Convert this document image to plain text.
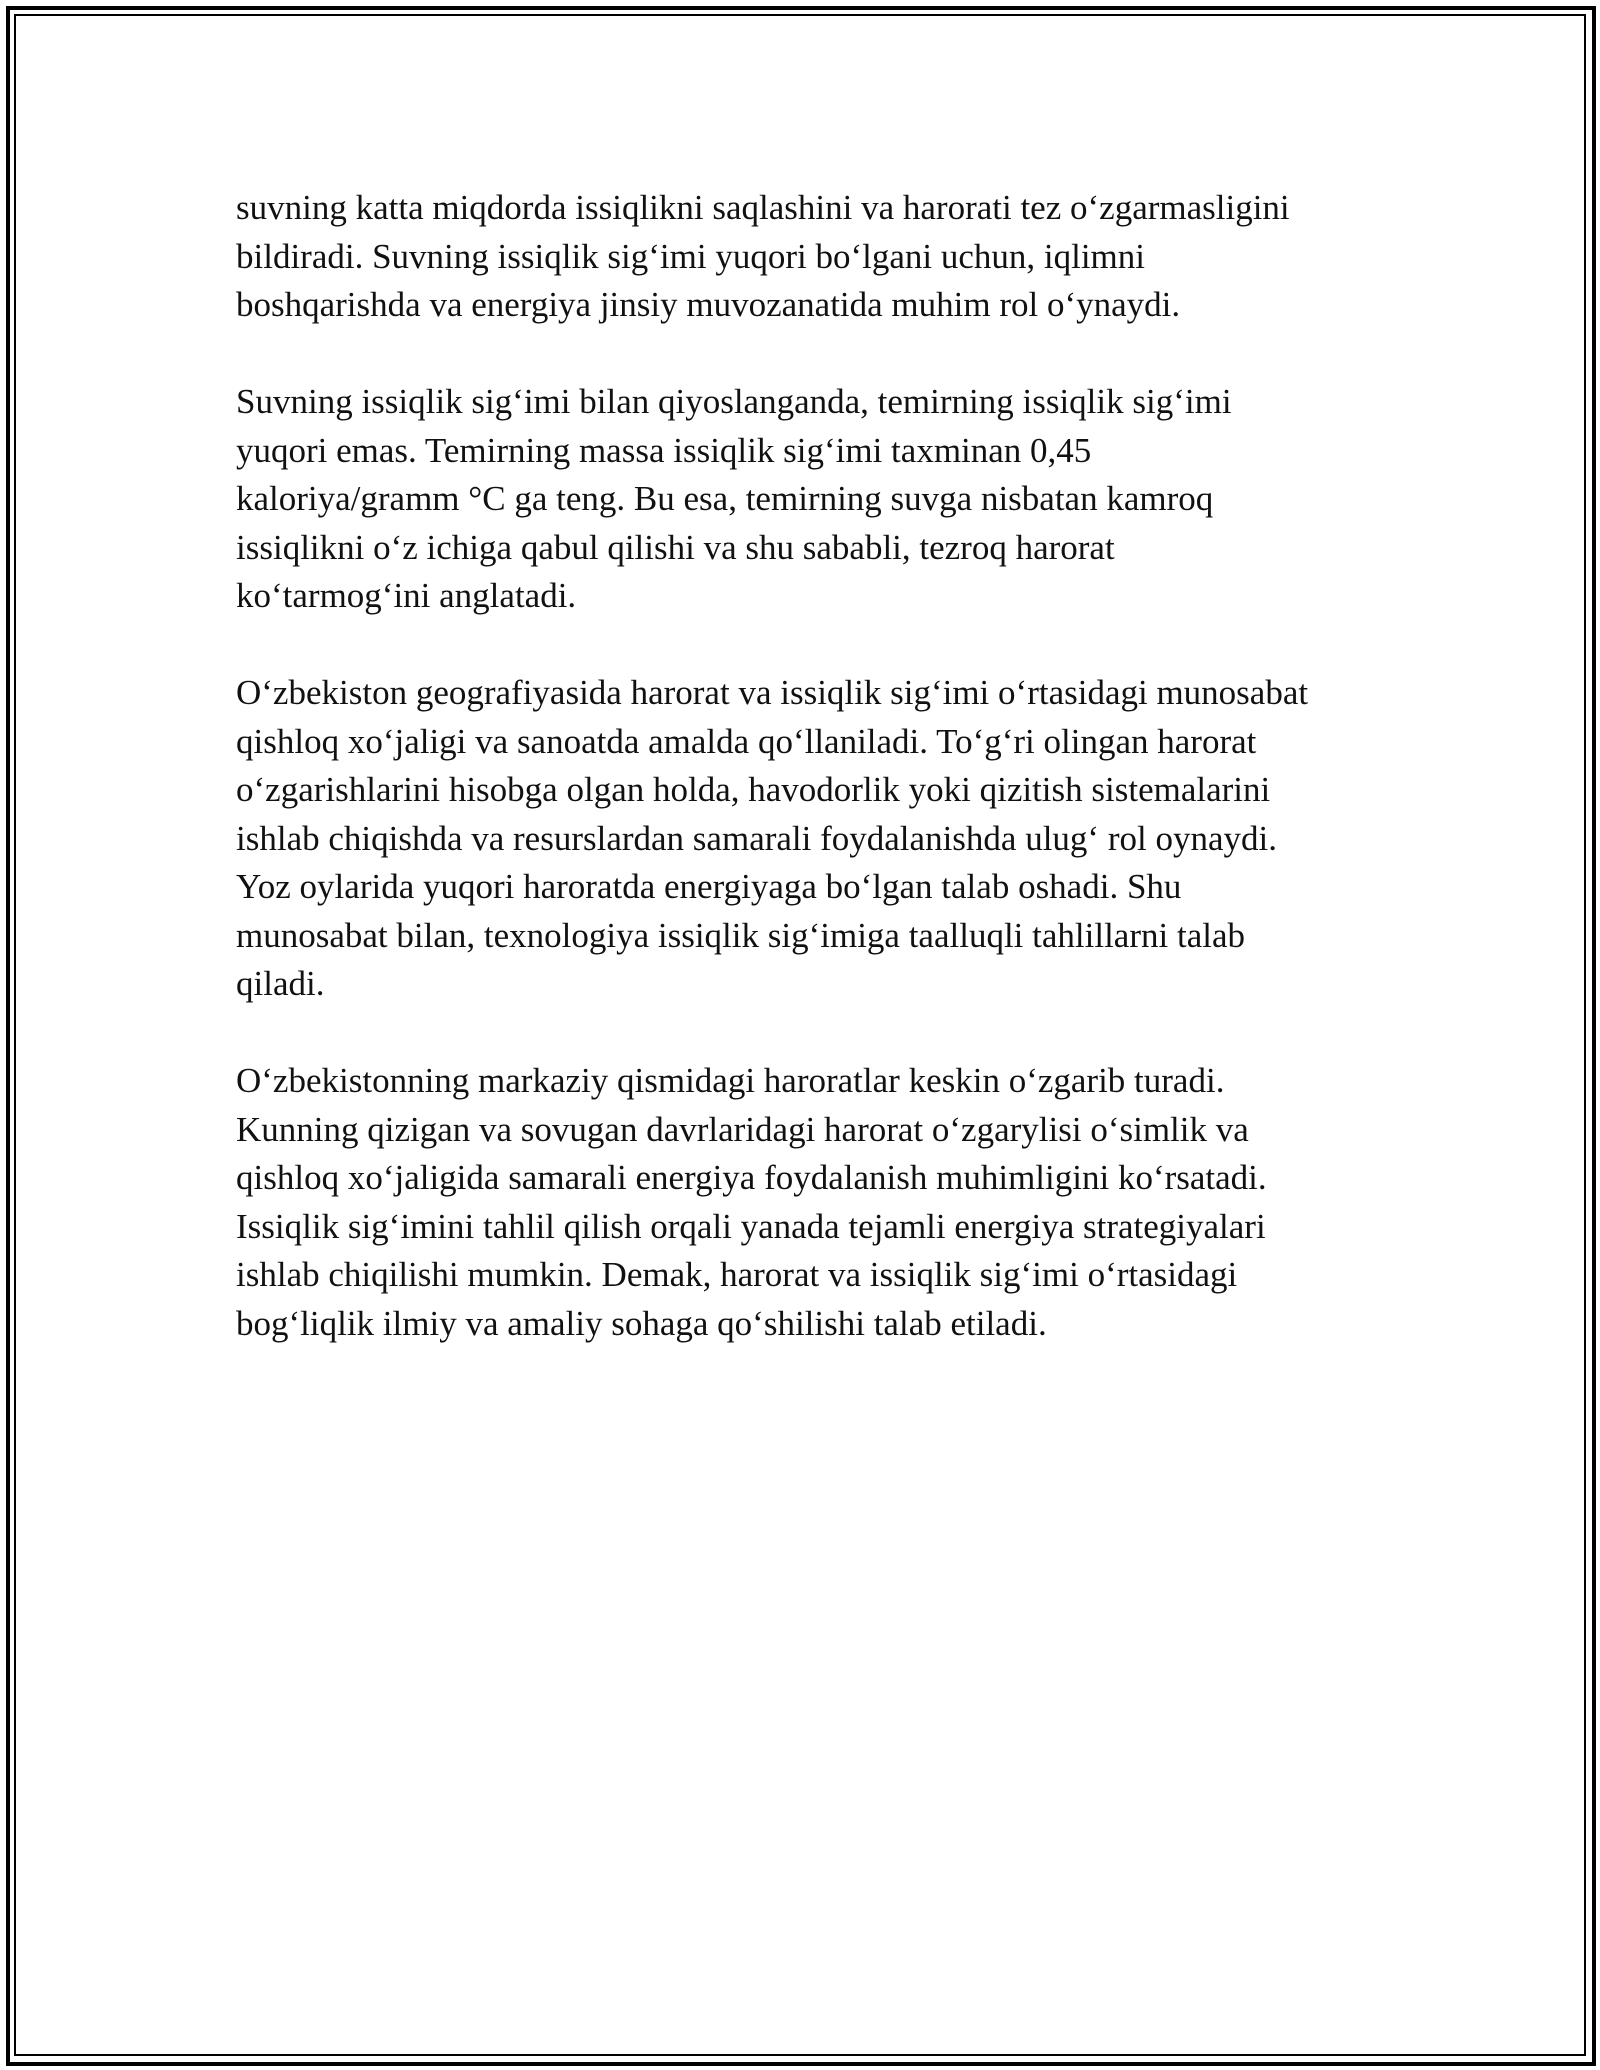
suvning katta miqdorda issiqlikni saqlashini va harorati tez o‘zgarmasligini
bildiradi. Suvning issiqlik sig‘imi yuqori bo‘lgani uchun, iqlimni
boshqarishda va energiya jinsiy muvozanatida muhim rol o‘ynaydi.

Suvning issiqlik sig‘imi bilan qiyoslanganda, temirning issiqlik sig‘imi
yuqori emas. Temirning massa issiqlik sig‘imi taxminan 0,45
kaloriya/gramm °C ga teng. Bu esa, temirning suvga nisbatan kamroq
issiqlikni o‘z ichiga qabul qilishi va shu sababli, tezroq harorat
ko‘tarmog‘ini anglatadi.

O‘zbekiston geografiyasida harorat va issiqlik sig‘imi o‘rtasidagi munosabat
qishloq xo‘jaligi va sanoatda amalda qo‘llaniladi. To‘g‘ri olingan harorat
o‘zgarishlarini hisobga olgan holda, havodorlik yoki qizitish sistemalarini
ishlab chiqishda va resurslardan samarali foydalanishda ulug‘ rol oynaydi.
Yoz oylarida yuqori haroratda energiyaga bo‘lgan talab oshadi. Shu
munosabat bilan, texnologiya issiqlik sig‘imiga taalluqli tahlillarni talab
qiladi.

O‘zbekistonning markaziy qismidagi haroratlar keskin o‘zgarib turadi.
Kunning qizigan va sovugan davrlaridagi harorat o‘zgarylisi o‘simlik va
qishloq xo‘jaligida samarali energiya foydalanish muhimligini ko‘rsatadi.
Issiqlik sig‘imini tahlil qilish orqali yanada tejamli energiya strategiyalari
ishlab chiqilishi mumkin. Demak, harorat va issiqlik sig‘imi o‘rtasidagi
bog‘liqlik ilmiy va amaliy sohaga qo‘shilishi talab etiladi.
